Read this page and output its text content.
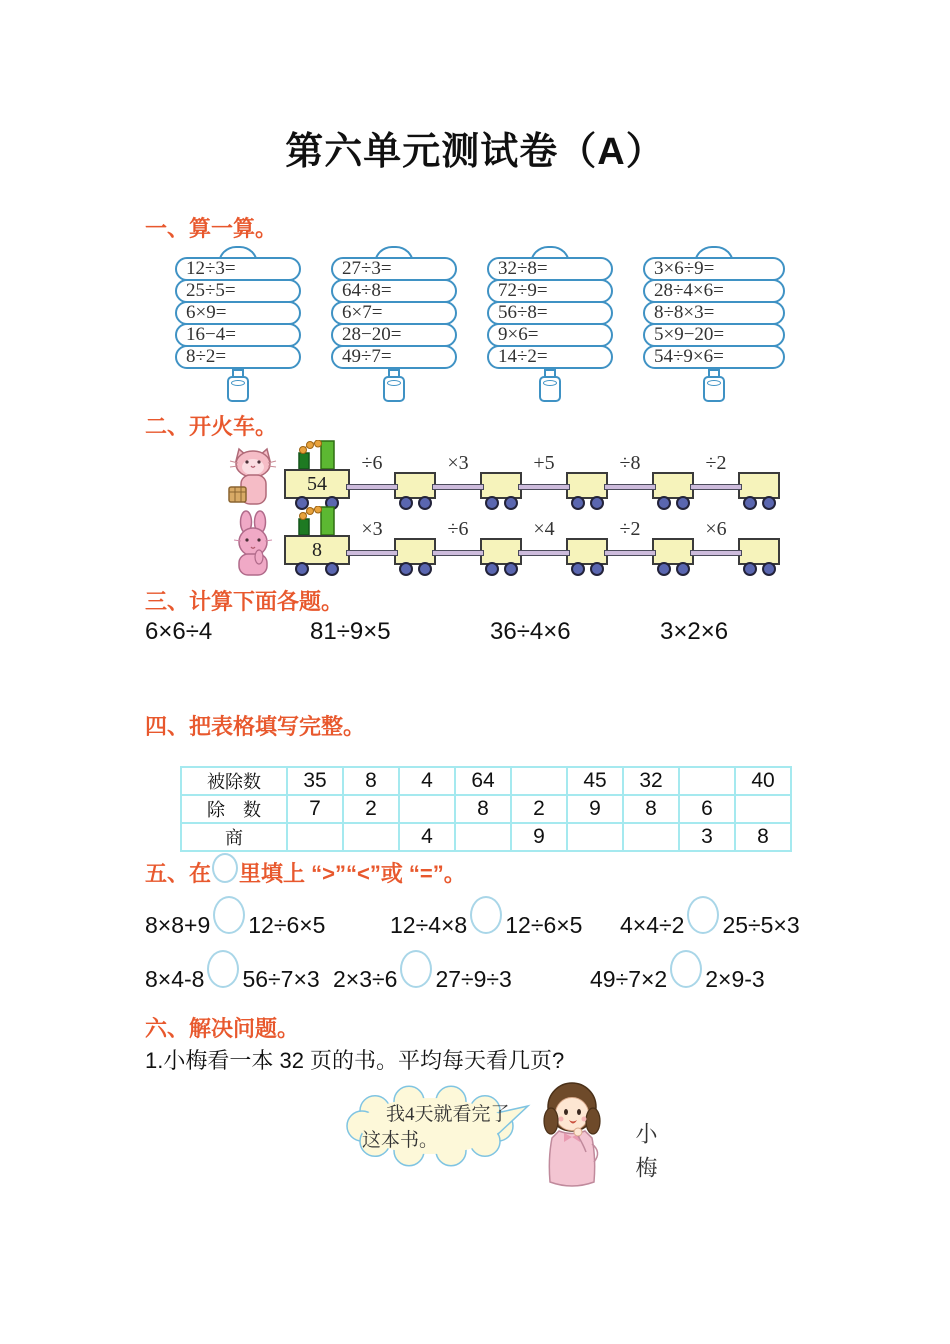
第六单元测试卷（A）
一、算一算。
12÷3=
25÷5=
6×9=
16−4=
8÷2=
27÷3=
64÷8=
6×7=
28−20=
49÷7=
32÷8=
72÷9=
56÷8=
9×6=
14÷2=
3×6÷9=
28÷4×6=
8÷8×3=
5×9−20=
54÷9×6=
二、开火车。
54
÷6	×3	+5	÷8	÷2
8
×3	÷6	×4	÷2	×6
三、计算下面各题。
6×6÷4	81÷9×5	36÷4×6	3×2×6
四、把表格填写完整。
被除数	35	8	4	64		45	32		40
除　数	7	2		8	2	9	8	6	
商			4		9			3	8
五、在 里填上 “>”“<”或 “=”。
8×8+9 12÷6×5	12÷4×8 12÷6×5 4×4÷2 25÷5×3
8×4-8 56÷7×3 2×3÷6 27÷9÷3	49÷7×2 2×9-3
六、解决问题。
1.小梅看一本 32 页的书。平均每天看几页?
我4天就看完了
这本书。	小梅
